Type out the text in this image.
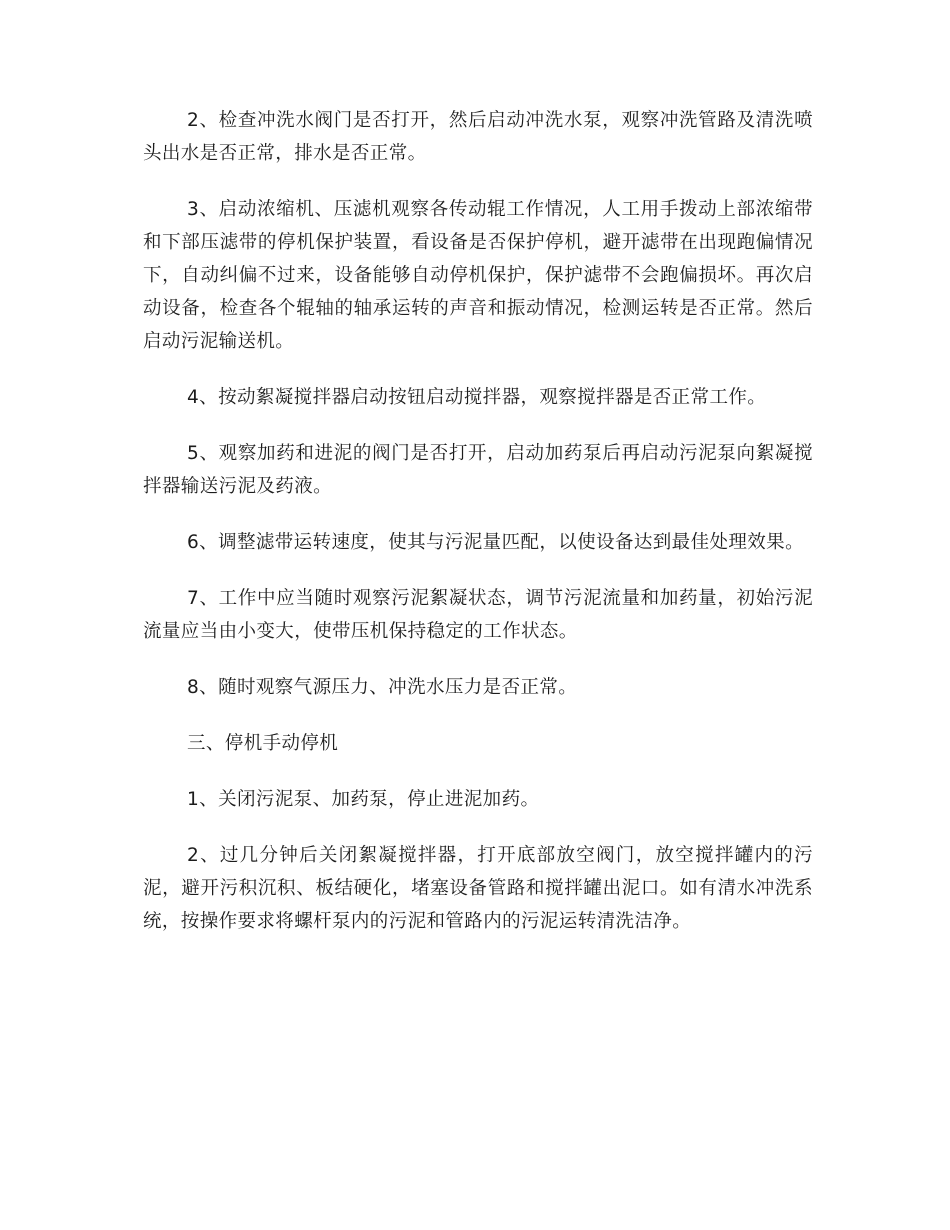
2、检查冲洗水阀门是否打开，然后启动冲洗水泵，观察冲洗管路及清洗喷头出水是否正常，排水是否正常。

3、启动浓缩机、压滤机观察各传动辊工作情况，人工用手拨动上部浓缩带和下部压滤带的停机保护装置，看设备是否保护停机，避开滤带在出现跑偏情况下，自动纠偏不过来，设备能够自动停机保护，保护滤带不会跑偏损坏。再次启动设备，检查各个辊轴的轴承运转的声音和振动情况，检测运转是否正常。然后启动污泥输送机。

4、按动絮凝搅拌器启动按钮启动搅拌器，观察搅拌器是否正常工作。

5、观察加药和进泥的阀门是否打开，启动加药泵后再启动污泥泵向絮凝搅拌器输送污泥及药液。

6、调整滤带运转速度，使其与污泥量匹配，以使设备达到最佳处理效果。

7、工作中应当随时观察污泥絮凝状态，调节污泥流量和加药量，初始污泥流量应当由小变大，使带压机保持稳定的工作状态。

8、随时观察气源压力、冲洗水压力是否正常。

三、停机手动停机

1、关闭污泥泵、加药泵，停止进泥加药。

2、过几分钟后关闭絮凝搅拌器，打开底部放空阀门，放空搅拌罐内的污泥，避开污积沉积、板结硬化，堵塞设备管路和搅拌罐出泥口。如有清水冲洗系统，按操作要求将螺杆泵内的污泥和管路内的污泥运转清洗洁净。
